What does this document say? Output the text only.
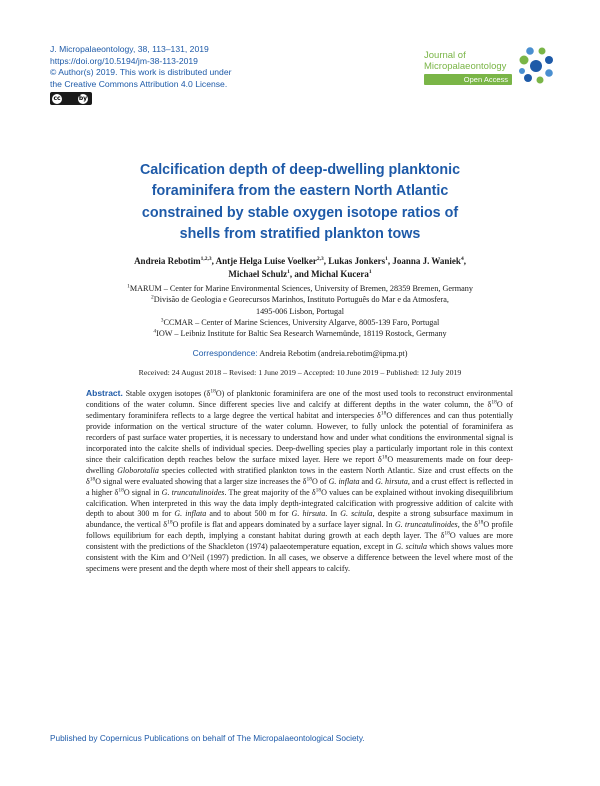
J. Micropalaeontology, 38, 113–131, 2019
https://doi.org/10.5194/jm-38-113-2019
© Author(s) 2019. This work is distributed under
the Creative Commons Attribution 4.0 License.
cc	by
Journal of
Micropalaeontology
Open Access
Calcification depth of deep-dwelling planktonic
foraminifera from the eastern North Atlantic
constrained by stable oxygen isotope ratios of
shells from stratified plankton tows
Andreia Rebotim$^{1,2,3}$, Antje Helga Luise Voelker$^{2,3}$, Lukas Jonkers$^1$, Joanna J. Waniek$^4$,
Michael Schulz$^1$, and Michal Kucera$^1$
$^1$MARUM – Center for Marine Environmental Sciences, University of Bremen, 28359 Bremen, Germany
$^2$Divisão de Geologia e Georecursos Marinhos, Instituto Português do Mar e da Atmosfera,
1495-006 Lisbon, Portugal
$^3$CCMAR – Center of Marine Sciences, University Algarve, 8005-139 Faro, Portugal
$^4$IOW – Leibniz Institute for Baltic Sea Research Warnemünde, 18119 Rostock, Germany
Correspondence: Andreia Rebotim (andreia.rebotim@ipma.pt)
Received: 24 August 2018 – Revised: 1 June 2019 – Accepted: 10 June 2019 – Published: 12 July 2019
Abstract. Stable oxygen isotopes $(\delta^{18}O)$ of planktonic foraminifera are one of the most used tools to reconstruct environmental conditions of the water column. Since different species live and calcify at different depths in the water column, the $\delta^{18}O$ of sedimentary foraminifera reflects to a large degree the vertical habitat and interspecies $\delta^{18}O$ differences and can thus potentially provide information on the vertical structure of the water column. However, to fully unlock the potential of foraminifera as recorders of past surface water properties, it is necessary to understand how and under what conditions the environmental signal is incorporated into the calcite shells of individual species. Deep-dwelling species play a particularly important role in this context since their calcification depth reaches below the surface mixed layer. Here we report $\delta^{18}O$ measurements made on four deep-dwelling Globorotalia species collected with stratified plankton tows in the eastern North Atlantic. Size and crust effects on the $\delta^{18}O$ signal were evaluated showing that a larger size increases the $\delta^{18}O$ of G. inflata and G. hirsuta, and a crust effect is reflected in a higher $\delta^{18}O$ signal in G. truncatulinoides. The great majority of the $\delta^{18}O$ values can be explained without invoking disequilibrium calcification. When interpreted in this way the data imply depth-integrated calcification with progressive addition of calcite with depth to about 300 m for G. inflata and to about 500 m for G. hirsuta. In G. scitula, despite a strong subsurface maximum in abundance, the vertical $\delta^{18}O$ profile is flat and appears dominated by a surface layer signal. In G. truncatulinoides, the $\delta^{18}O$ profile follows equilibrium for each depth, implying a constant habitat during growth at each depth layer. The $\delta^{18}O$ values are more consistent with the predictions of the Shackleton (1974) palaeotemperature equation, except in G. scitula which shows values more consistent with the Kim and O’Neil (1997) prediction. In all cases, we observe a difference between the level where most of the specimens were present and the depth where most of their shell appears to calcify.
Published by Copernicus Publications on behalf of The Micropalaeontological Society.
